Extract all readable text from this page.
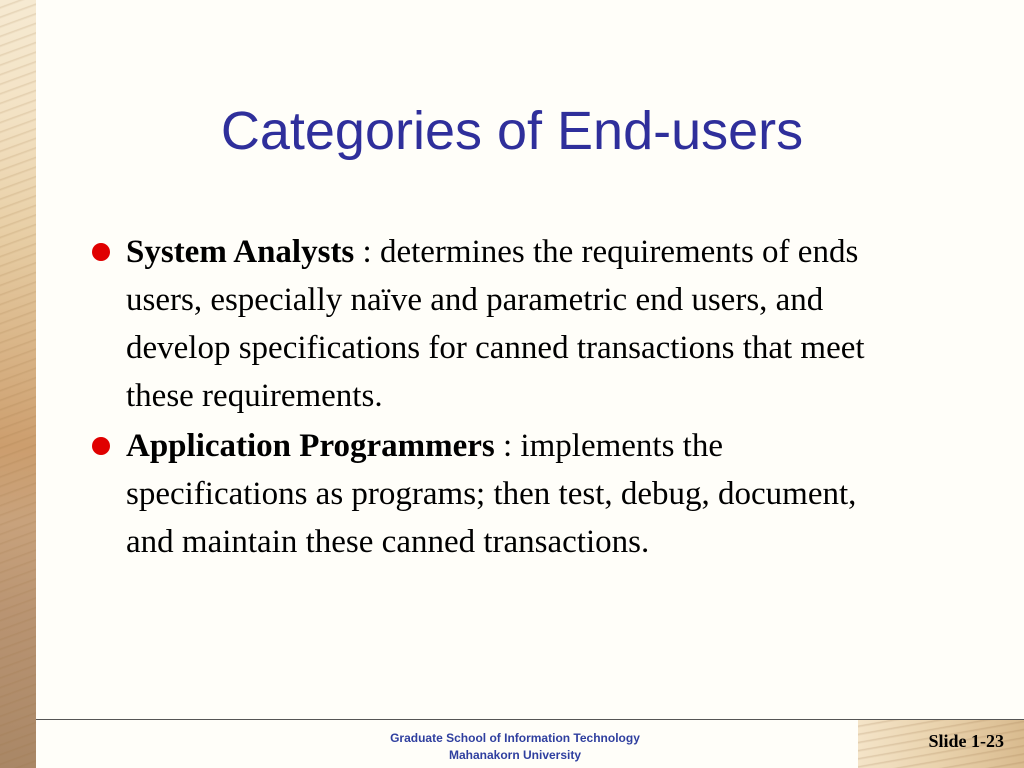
Categories of End-users
System Analysts : determines the requirements of ends users, especially naïve and parametric end users, and develop specifications for canned transactions that meet these requirements.
Application Programmers : implements the specifications as programs; then test, debug, document, and maintain these canned transactions.
Graduate School of Information Technology
Mahanakorn University
Slide 1-23
